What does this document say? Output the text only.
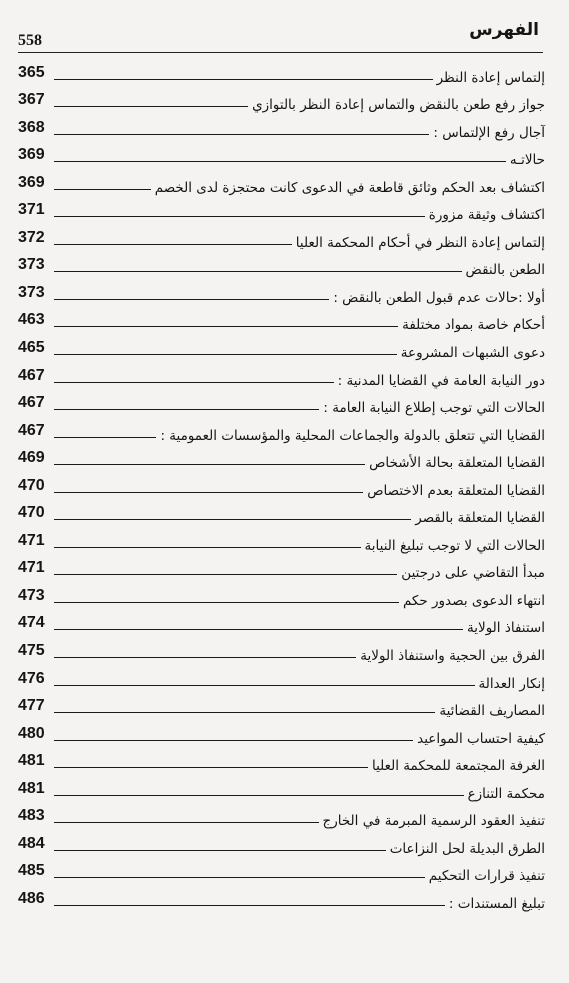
558
الفهرس
365	إلتماس إعادة النظر
367	جواز رفع طعن بالنقض والتماس إعادة النظر بالتوازي
368	آجال رفع الإلتماس :
369	حالاتـه
369	اكتشاف بعد الحكم وثائق قاطعة في الدعوى كانت محتجزة لدى الخصم
371	اكتشاف وثيقة مزورة
372	إلتماس إعادة النظر في أحكام المحكمة العليا
373	الطعن بالنقض
373	أولا :حالات عدم قبول الطعن بالنقض :
463	أحكام خاصة بمواد مختلفة
465	دعوى الشبهات المشروعة
467	دور النيابة العامة في القضايا المدنية :
467	الحالات التي توجب إطلاع النيابة العامة :
467	القضايا التي تتعلق بالدولة والجماعات المحلية والمؤسسات العمومية :
469	القضايا المتعلقة بحالة الأشخاص
470	القضايا المتعلقة بعدم الاختصاص
470	القضايا المتعلقة بالقصر
471	الحالات التي لا توجب تبليغ النيابة
471	مبدأ التقاضي على درجتين
473	انتهاء الدعوى بصدور حكم
474	استنفاذ الولاية
475	الفرق بين الحجية واستنفاذ الولاية
476	إنكار العدالة
477	المصاريف القضائية
480	كيفية احتساب المواعيد
481	الغرفة المجتمعة للمحكمة العليا
481	محكمة التنازع
483	تنفيذ العقود الرسمية المبرمة في الخارج
484	الطرق البديلة لحل النزاعات
485	تنفيذ قرارات التحكيم
486	تبليغ المستندات :
